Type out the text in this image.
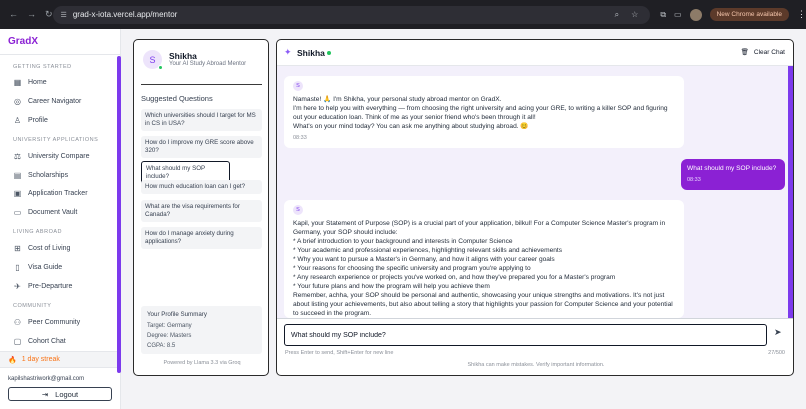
← → ↻ ☰ grad-x-iota.vercel.app/mentor	⌕ ☆	⧉ ▭	New Chrome available	⋮
GradX
GETTING STARTED
▦ Home
◎ Career Navigator
♙ Profile
UNIVERSITY APPLICATIONS
⚖ University Compare
▤ Scholarships
▣ Application Tracker
▭ Document Vault
LIVING ABROAD
⊞ Cost of Living
▯	Visa Guide
✈ Pre-Departure
COMMUNITY
⚇ Peer Community
▢ Cohort Chat
🔥 1 day streak
kapilshastriwork@gmail.com
⇥ Logout
S	Shikha
Your AI Study Abroad Mentor
Suggested Questions
Which universities should I target for MS in CS in USA?
How do I improve my GRE score above 320?
What should my SOP include?
How much education loan can I get?
What are the visa requirements for Canada?
How do I manage anxiety during applications?
Your Profile Summary
Target: Germany
Degree: Masters
CGPA: 8.5
Powered by Llama 3.3 via Groq
✦ Shikha	🗑 Clear Chat
S
Namaste! 🙏 I'm Shikha, your personal study abroad mentor on GradX.
I'm here to help you with everything — from choosing the right university and acing your GRE, to writing a killer SOP and figuring out your education loan. Think of me as your senior friend who's been through it all!
What's on your mind today? You can ask me anything about studying abroad. 😊
08:33
What should my SOP include?
08:33
S
Kapil, your Statement of Purpose (SOP) is a crucial part of your application, bilkul! For a Computer Science Master's program in Germany, your SOP should include:
* A brief introduction to your background and interests in Computer Science
* Your academic and professional experiences, highlighting relevant skills and achievements
* Why you want to pursue a Master's in Germany, and how it aligns with your career goals
* Your reasons for choosing the specific university and program you're applying to
* Any research experience or projects you've worked on, and how they've prepared you for a Master's program
* Your future plans and how the program will help you achieve them
Remember, achha, your SOP should be personal and authentic, showcasing your unique strengths and motivations. It's not just about listing your achievements, but also about telling a story that highlights your passion for Computer Science and your potential to succeed in the program.
What should my SOP include?
➤
Press Enter to send, Shift+Enter for new line	27/500
Shikha can make mistakes. Verify important information.
